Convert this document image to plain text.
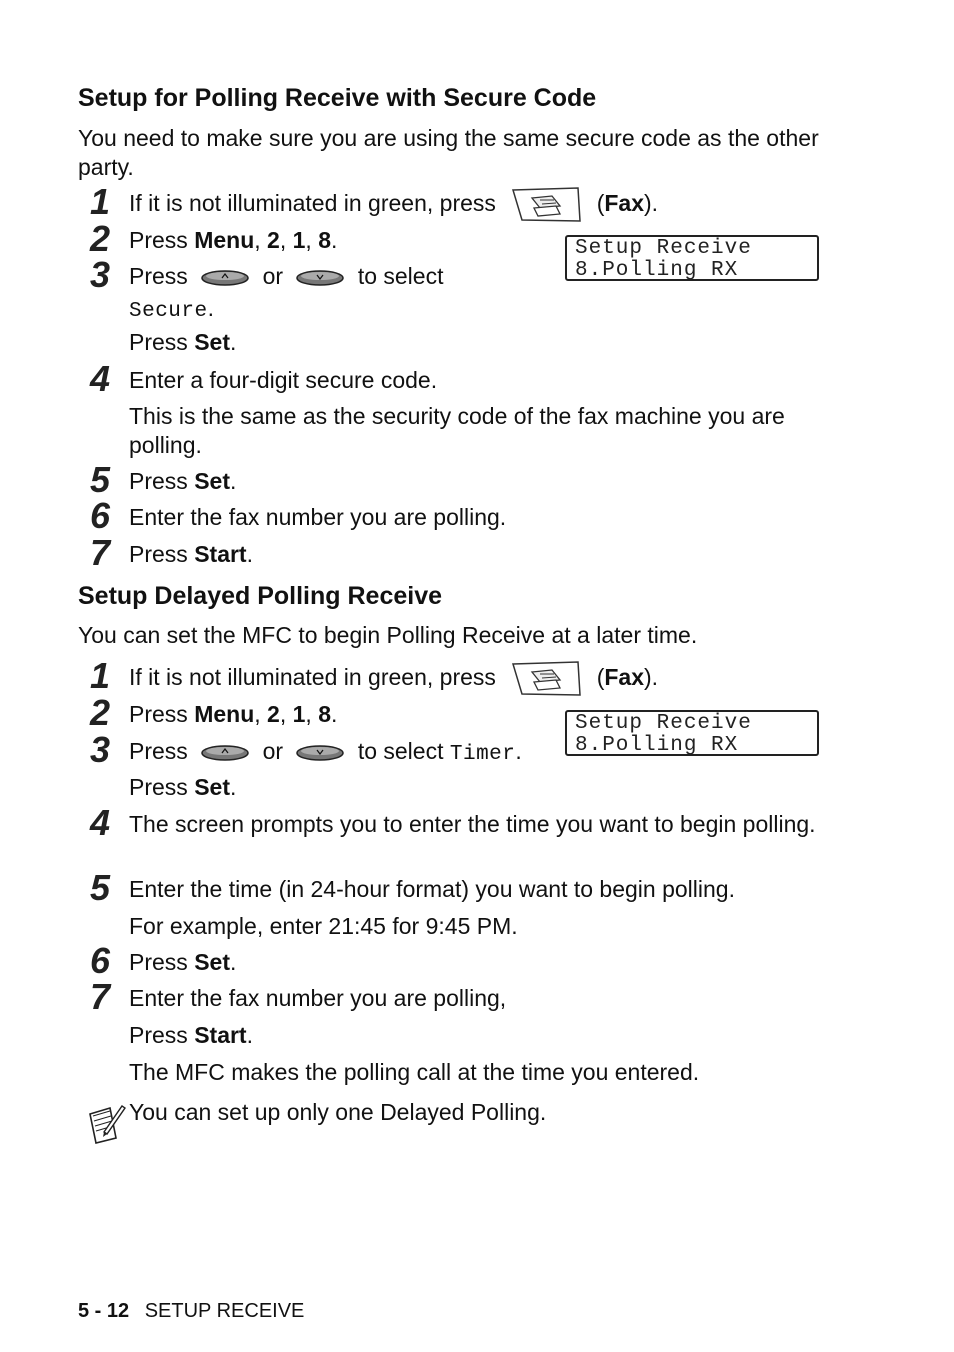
Setup for Polling Receive with Secure Code
You need to make sure you are using the same secure code as the other party.
1 If it is not illuminated in green, press	(Fax).
2 Press Menu, 2, 1, 8.	Setup Receive
8.Polling RX
3 Press	or	to select
Secure.
Press Set.
4 Enter a four-digit secure code.
This is the same as the security code of the fax machine you are polling.
5 Press Set.
6 Enter the fax number you are polling.
7 Press Start.
Setup Delayed Polling Receive
You can set the MFC to begin Polling Receive at a later time.
1 If it is not illuminated in green, press	(Fax).
2 Press Menu, 2, 1, 8.	Setup Receive
8.Polling RX
3 Press	or	to select Timer.
Press Set.
4 The screen prompts you to enter the time you want to begin polling.
5 Enter the time (in 24-hour format) you want to begin polling.
For example, enter 21:45 for 9:45 PM.
6 Press Set.
7 Enter the fax number you are polling,
Press Start.
The MFC makes the polling call at the time you entered.
You can set up only one Delayed Polling.
5 - 12 SETUP RECEIVE
